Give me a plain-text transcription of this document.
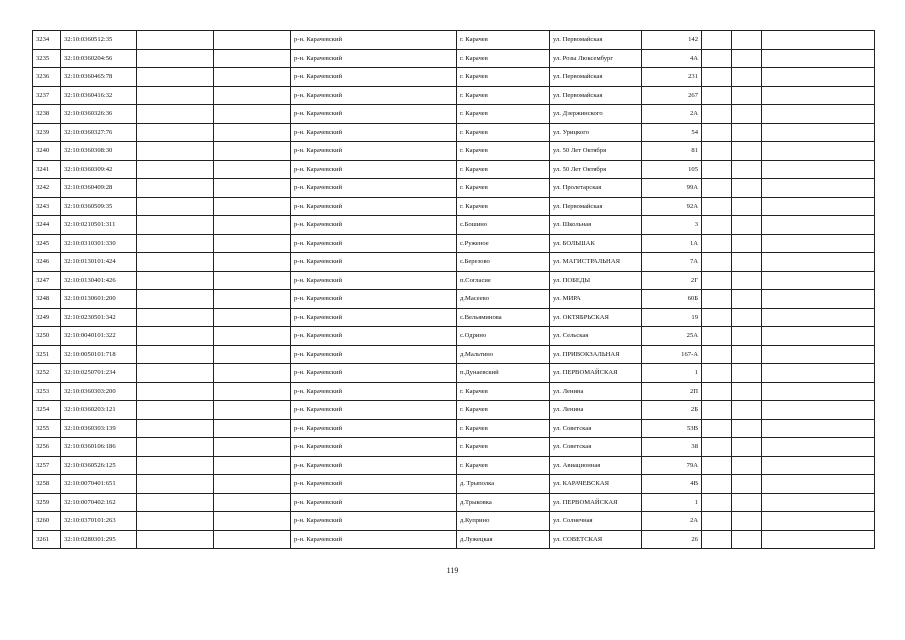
3234	32:10:0360512:35			р-н. Карачевский	г. Карачев	ул. Первомайская	142			
3235	32:10:0360204:56			р-н. Карачевский	г. Карачев	ул. Розы Люксембург	4А			
3236	32:10:0360465:78			р-н. Карачевский	г. Карачев	ул. Первомайская	231			
3237	32:10:0360416:32			р-н. Карачевский	г. Карачев	ул. Первомайская	267			
3238	32:10:0360326:36			р-н. Карачевский	г. Карачев	ул. Дзержинского	2А			
3239	32:10:0360327:76			р-н. Карачевский	г. Карачев	ул. Урицкого	54			
3240	32:10:0360308:30			р-н. Карачевский	г. Карачев	ул. 50 Лет Октября	81			
3241	32:10:0360309:42			р-н. Карачевский	г. Карачев	ул. 50 Лет Октября	105			
3242	32:10:0360409:28			р-н. Карачевский	г. Карачев	ул. Пролетарская	99А			
3243	32:10:0360509:35			р-н. Карачевский	г. Карачев	ул. Первомайская	92А			
3244	32:10:0210501:311			р-н. Карачевский	с.Бошино	ул. Школьная	3			
3245	32:10:0310301:330			р-н. Карачевский	с.Руженое	ул. БОЛЬШАК	1А			
3246	32:10:0130101:424			р-н. Карачевский	с.Березово	ул. МАГИСТРАЛЬНАЯ	7А			
3247	32:10:0130401:426			р-н. Карачевский	п.Согласие	ул. ПОБЕДЫ	2Г			
3248	32:10:0130601:200			р-н. Карачевский	д.Масеево	ул. МИРА	60Б			
3249	32:10:0230501:342			р-н. Карачевский	с.Вельяминова	ул. ОКТЯБРЬСКАЯ	19			
3250	32:10:0040101:322			р-н. Карачевский	с.Одрино	ул. Сельская	25А			
3251	32:10:0050101:718			р-н. Карачевский	д.Мальтино	ул. ПРИВОКЗАЛЬНАЯ	167-А			
3252	32:10:0250701:234			р-н. Карачевский	п.Дунаевский	ул. ПЕРВОМАЙСКАЯ	1			
3253	32:10:0360303:200			р-н. Карачевский	г. Карачев	ул. Ленина	2П			
3254	32:10:0360203:121			р-н. Карачевский	г. Карачев	ул. Ленина	2Б			
3255	32:10:0360303:139			р-н. Карачевский	г. Карачев	ул. Советская	53В			
3256	32:10:0360106:186			р-н. Карачевский	г. Карачев	ул. Советская	38			
3257	32:10:0360526:125			р-н. Карачевский	г. Карачев	ул. Авиационная	79А			
3258	32:10:0070401:651			р-н. Карачевский	д. Трыполка	ул. КАРАЧЕВСКАЯ	4В			
3259	32:10:0070402:162			р-н. Карачевский	д.Трыковка	ул. ПЕРВОМАЙСКАЯ	1			
3260	32:10:0370101:263			р-н. Карачевский	д.Куприно	ул. Солнечная	2А			
3261	32:10:0280301:295			р-н. Карачевский	д.Лужецкая	ул. СОВЕТСКАЯ	26			
119
